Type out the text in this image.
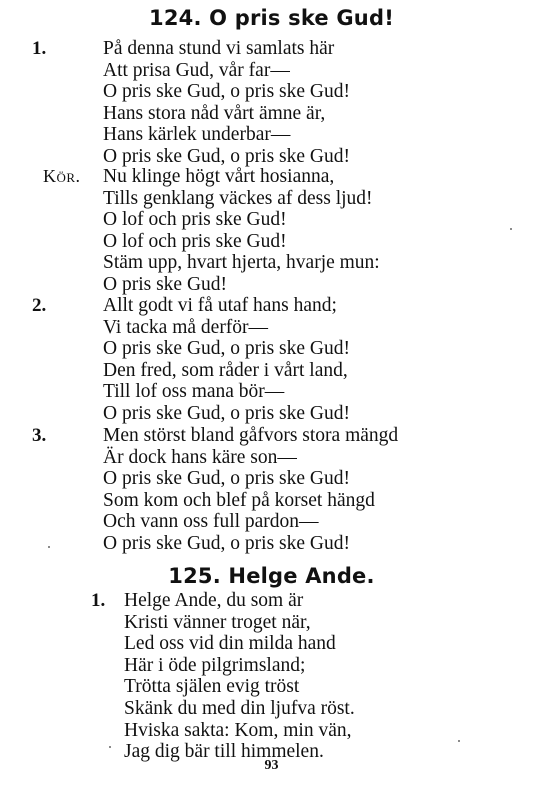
124. O pris ske Gud!
1.	På denna stund vi samlats här

Att prisa Gud, vår far—

O pris ske Gud, o pris ske Gud!

Hans stora nåd vårt ämne är,

Hans kärlek underbar—

O pris ske Gud, o pris ske Gud!

Kör. Nu klinge högt vårt hosianna,

Tills genklang väckes af dess ljud!

O lof och pris ske Gud!

O lof och pris ske Gud!

Stäm upp, hvart hjerta, hvarje mun:

O pris ske Gud!

2.	Allt godt vi få utaf hans hand;

Vi tacka må derför—

O pris ske Gud, o pris ske Gud!

Den fred, som råder i vårt land,

Till lof oss mana bör—

O pris ske Gud, o pris ske Gud!

3.	Men störst bland gåfvors stora mängd

Är dock hans käre son—

O pris ske Gud, o pris ske Gud!

Som kom och blef på korset hängd

Och vann oss full pardon—

O pris ske Gud, o pris ske Gud!

125. Helge Ande.
1. Helge Ande, du som är

Kristi vänner troget när,

Led oss vid din milda hand

Här i öde pilgrimsland;

Trötta själen evig tröst

Skänk du med din ljufva röst.

Hviska sakta: Kom, min vän,

Jag dig bär till himmelen.

93
